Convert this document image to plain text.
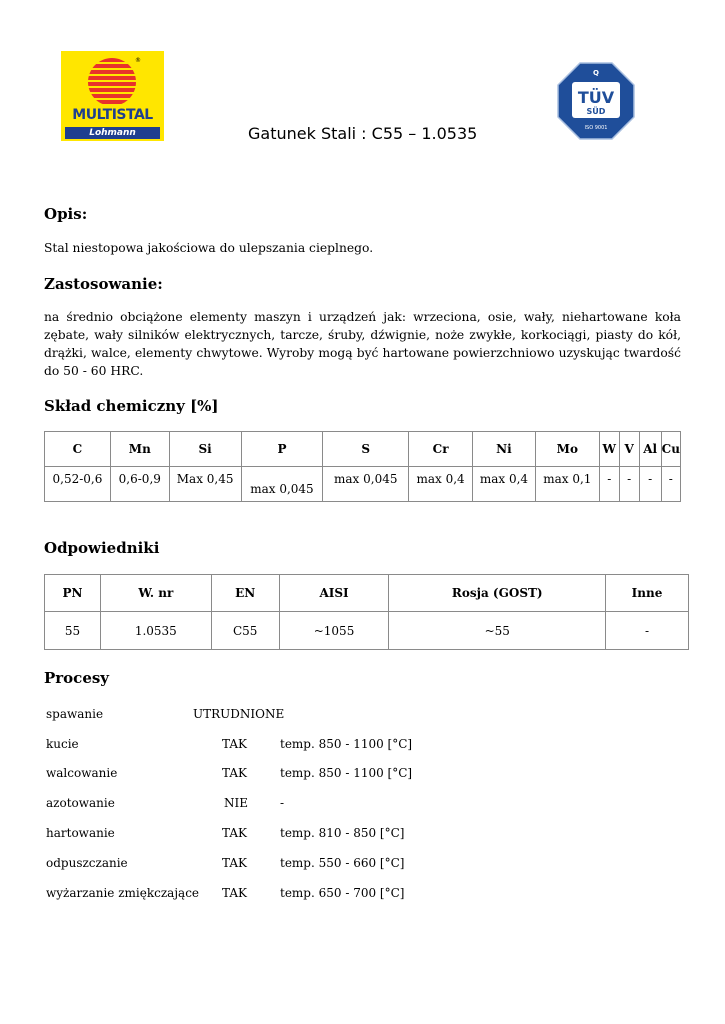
®
MULTISTAL
Lohmann
Q
TÜV
SÜD
ISO 9001
Gatunek Stali : C55 – 1.0535
Opis:

Stal niestopowa jakościowa do ulepszania cieplnego.

Zastosowanie:

na średnio obciążone elementy maszyn i urządzeń jak: wrzeciona, osie, wały, niehartowane koła zębate, wały silników elektrycznych, tarcze, śruby, dźwignie, noże zwykłe, korkociągi, piasty do kół, drążki, walce, elementy chwytowe. Wyroby mogą być hartowane powierzchniowo uzyskując twardość do 50 - 60 HRC.

Skład chemiczny [%]
C	Mn	Si	P	S	Cr	Ni	Mo	W	V	Al	Cu
0,52-0,6	0,6-0,9	Max 0,45	max 0,045	max 0,045	max 0,4	max 0,4	max 0,1	-	-	-	-
Odpowiedniki
PN	W. nr	EN	AISI	Rosja (GOST)	Inne
55	1.0535	C55	~1055	~55	-
Procesy
spawanie	UTRUDNIONE
kucie	TAK	temp. 850 - 1100 [°C]
walcowanie	TAK	temp. 850 - 1100 [°C]
azotowanie	NIE	-
hartowanie	TAK	temp. 810 - 850 [°C]
odpuszczanie	TAK	temp. 550 - 660 [°C]
wyżarzanie zmiękczające TAK	temp. 650 - 700 [°C]
